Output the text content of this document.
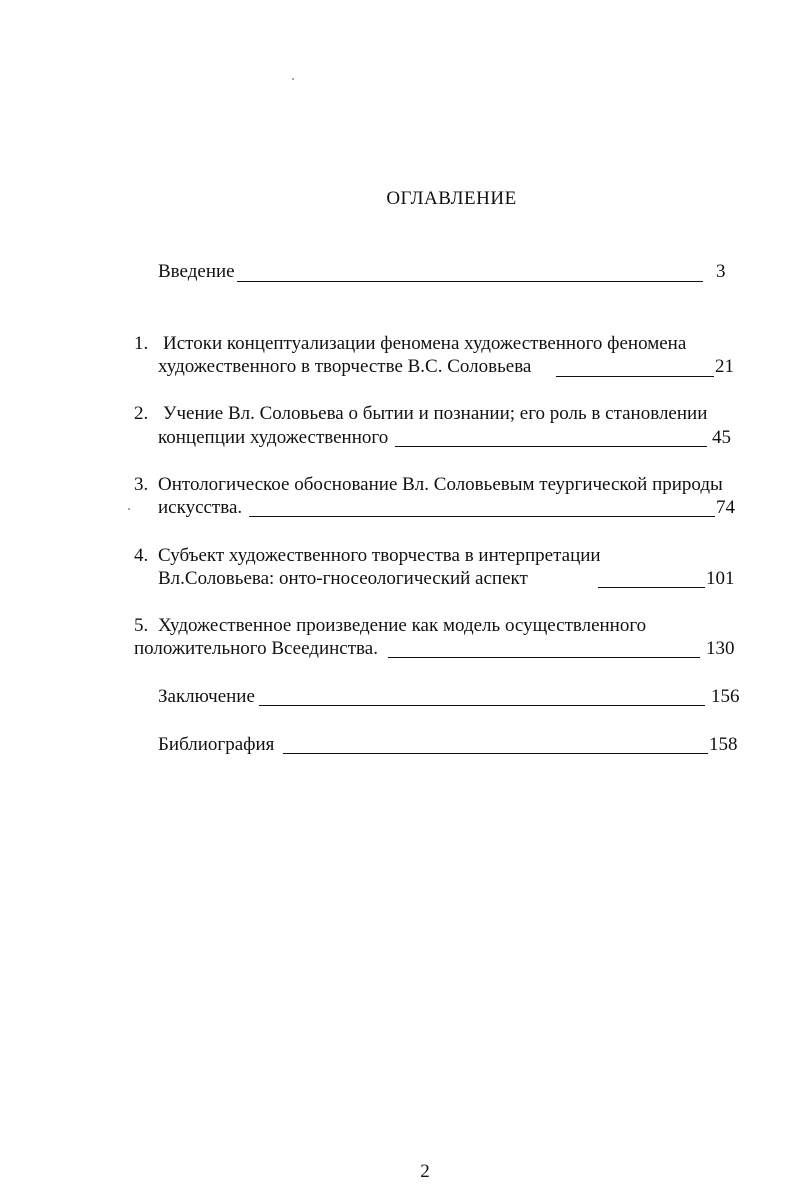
ОГЛАВЛЕНИЕ
Введение	3
1. Истоки концептуализации феномена художественного феномена
художественного в творчестве В.С. Соловьева	21
2. Учение Вл. Соловьева о бытии и познании; его роль в становлении
концепции художественного	45
3. Онтологическое обоснование Вл. Соловьевым теургической природы
искусства.	74
4. Субъект художественного творчества в интерпретации
Вл.Соловьева: онто-гносеологический аспект	101
5. Художественное произведение как модель осуществленного
положительного Всеединства.	130
Заключение	156
Библиография	158
2
